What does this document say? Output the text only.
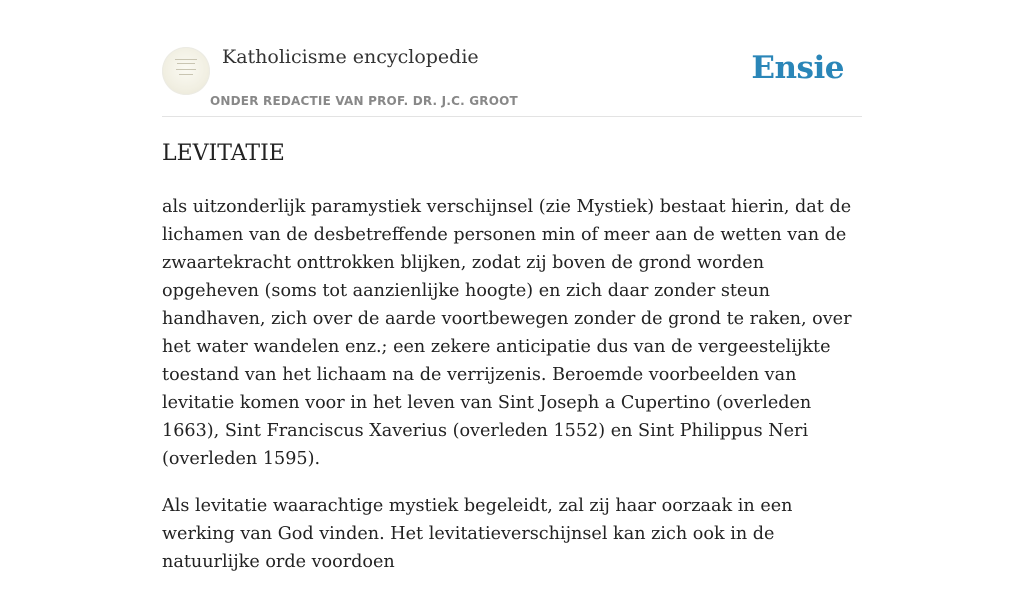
Katholicisme encyclopedie
ONDER REDACTIE VAN PROF. DR. J.C. GROOT
Ensie
LEVITATIE

als uitzonderlijk paramystiek verschijnsel (zie Mystiek) bestaat hierin, dat de lichamen van de desbetreffende personen min of meer aan de wetten van de zwaartekracht onttrokken blijken, zodat zij boven de grond worden opgeheven (soms tot aanzienlijke hoogte) en zich daar zonder steun handhaven, zich over de aarde voortbewegen zonder de grond te raken, over het water wandelen enz.; een zekere anticipatie dus van de vergeestelijkte toestand van het lichaam na de verrijzenis. Beroemde voorbeelden van levitatie komen voor in het leven van Sint Joseph a Cupertino (overleden 1663), Sint Franciscus Xaverius (overleden 1552) en Sint Philippus Neri (overleden 1595).

Als levitatie waarachtige mystiek begeleidt, zal zij haar oorzaak in een werking van God vinden. Het levitatieverschijnsel kan zich ook in de natuurlijke orde voordoen
